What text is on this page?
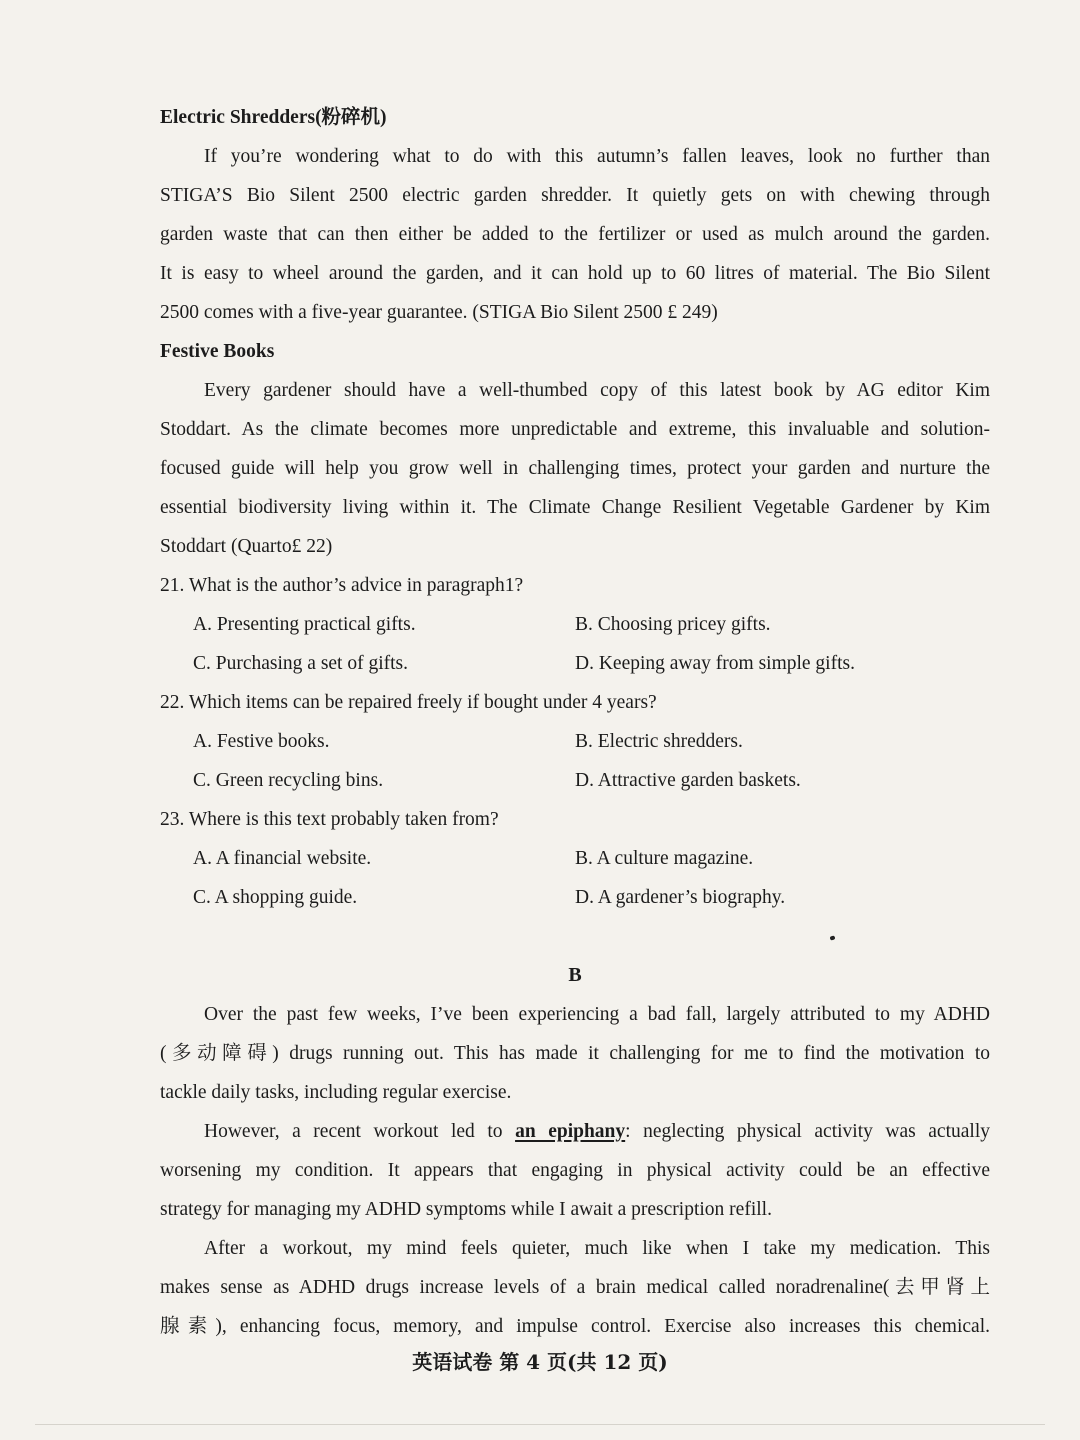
Electric Shredders(粉碎机)
If you’re wondering what to do with this autumn’s fallen leaves, look no further than
STIGA’S Bio Silent 2500 electric garden shredder. It quietly gets on with chewing through
garden waste that can then either be added to the fertilizer or used as mulch around the garden.
It is easy to wheel around the garden, and it can hold up to 60 litres of material. The Bio Silent
2500 comes with a five-year guarantee. (STIGA Bio Silent 2500 £ 249)
Festive Books
Every gardener should have a well-thumbed copy of this latest book by AG editor Kim
Stoddart. As the climate becomes more unpredictable and extreme, this invaluable and solution-
focused guide will help you grow well in challenging times, protect your garden and nurture the
essential biodiversity living within it. The Climate Change Resilient Vegetable Gardener by Kim
Stoddart (Quarto£ 22)
21. What is the author’s advice in paragraph1?
A. Presenting practical gifts.	B. Choosing pricey gifts.
C. Purchasing a set of gifts.	D. Keeping away from simple gifts.
22. Which items can be repaired freely if bought under 4 years?
A. Festive books.	B. Electric shredders.
C. Green recycling bins.	D. Attractive garden baskets.
23. Where is this text probably taken from?
A. A financial website.	B. A culture magazine.
C. A shopping guide.	D. A gardener’s biography.
B
Over the past few weeks, I’ve been experiencing a bad fall, largely attributed to my ADHD
(多动障碍) drugs running out. This has made it challenging for me to find the motivation to
tackle daily tasks, including regular exercise.
However, a recent workout led to an epiphany: neglecting physical activity was actually
worsening my condition. It appears that engaging in physical activity could be an effective
strategy for managing my ADHD symptoms while I await a prescription refill.
After a workout, my mind feels quieter, much like when I take my medication. This
makes sense as ADHD drugs increase levels of a brain medical called noradrenaline(去甲肾上
腺素), enhancing focus, memory, and impulse control. Exercise also increases this chemical.
英语试卷 第 4 页(共 12 页)
